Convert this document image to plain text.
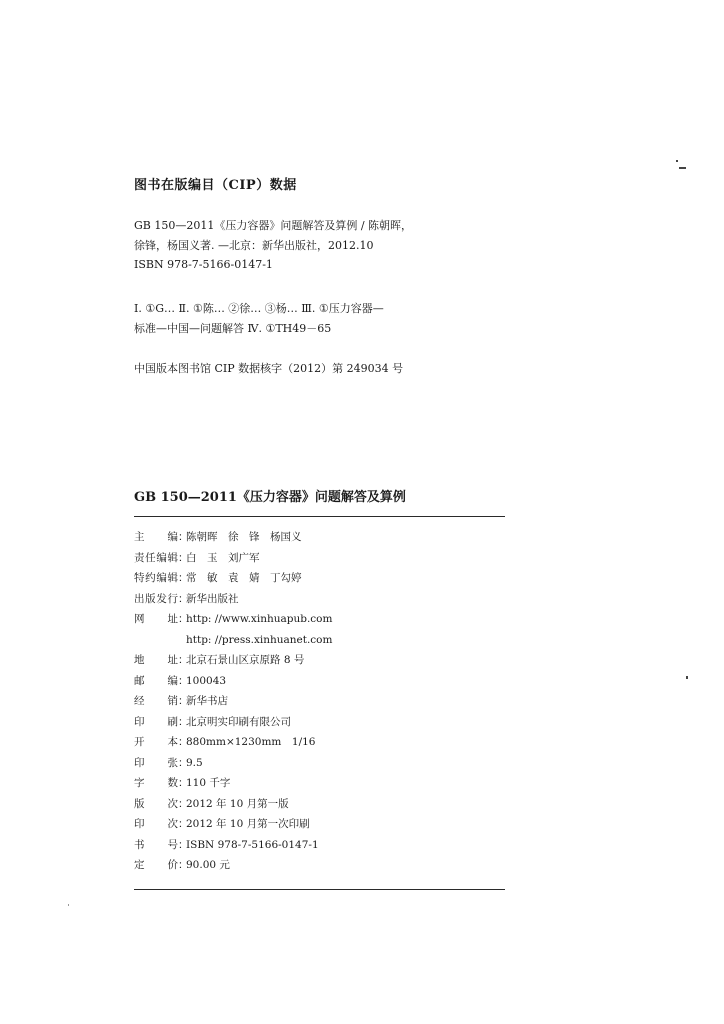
图书在版编目（CIP）数据
GB 150—2011《压力容器》问题解答及算例 / 陈朝晖，
徐锋，杨国义著. —北京：新华出版社，2012.10
ISBN 978-7-5166-0147-1
Ⅰ. ①G… Ⅱ. ①陈… ②徐… ③杨… Ⅲ. ①压力容器—
标准—中国—问题解答 Ⅳ. ①TH49－65
中国版本图书馆 CIP 数据核字（2012）第 249034 号
GB 150—2011《压力容器》问题解答及算例
主 编 ：
陈朝晖　徐　锋　杨国义
责 任 编 辑 ：
白　玉　刘广军
特 约 编 辑 ：
常　敏　袁　婧　丁勾婷
出 版 发 行 ：
新华出版社
网 址 ：
http: //www.xinhuapub.com
http: //press.xinhuanet.com
地 址 ：
北京石景山区京原路 8 号
邮 编 ：
100043
经 销 ：
新华书店
印 刷 ：
北京明实印刷有限公司
开 本 ：
880mm×1230mm　1/16
印 张 ：
9.5
字 数 ：
110 千字
版 次 ：
2012 年 10 月第一版
印 次 ：
2012 年 10 月第一次印刷
书 号 ：
ISBN 978-7-5166-0147-1
定 价 ：
90.00 元
